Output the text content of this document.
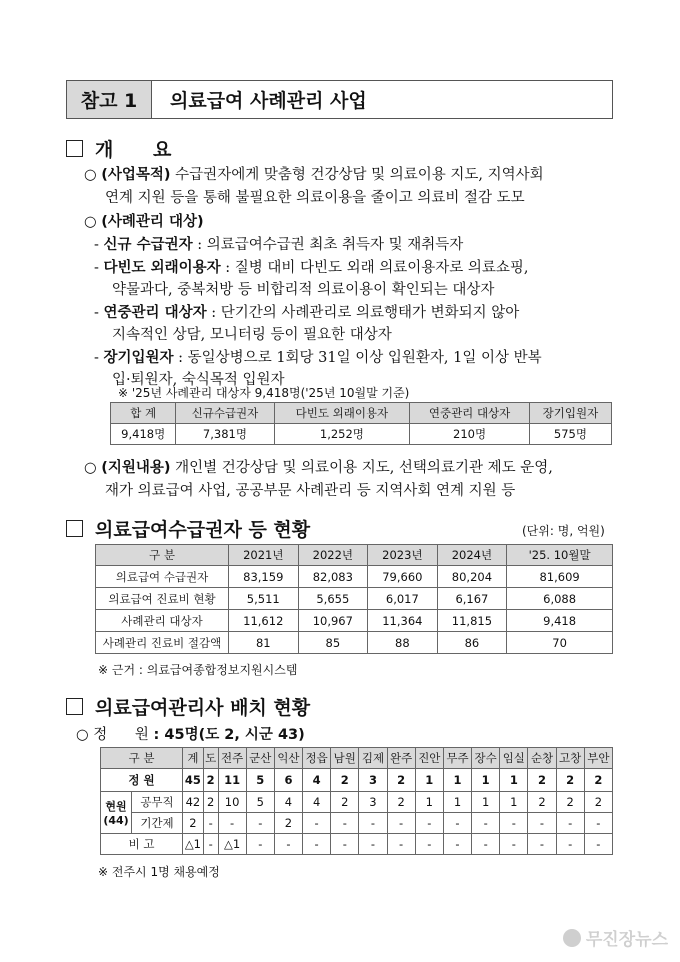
참고 1	의료급여 사례관리 사업
개      요
○ (사업목적) 수급권자에게 맞춤형 건강상담 및 의료이용 지도, 지역사회
연계 지원 등을 통해 불필요한 의료이용을 줄이고 의료비 절감 도모
○ (사례관리 대상)
- 신규 수급권자 : 의료급여수급권 최초 취득자 및 재취득자
- 다빈도 외래이용자 : 질병 대비 다빈도 외래 의료이용자로 의료쇼핑,
약물과다, 중복처방 등 비합리적 의료이용이 확인되는 대상자
- 연중관리 대상자 : 단기간의 사례관리로 의료행태가 변화되지 않아
지속적인 상담, 모니터링 등이 필요한 대상자
- 장기입원자 : 동일상병으로 1회당 31일 이상 입원환자, 1일 이상 반복
입·퇴원자, 숙식목적 입원자
※ '25년 사례관리 대상자 9,418명('25년 10월말 기준)
합 계	신규수급권자	다빈도 외래이용자	연중관리 대상자	장기입원자
9,418명	7,381명	1,252명	210명	575명
○ (지원내용) 개인별 건강상담 및 의료이용 지도, 선택의료기관 제도 운영,
재가 의료급여 사업, 공공부문 사례관리 등 지역사회 연계 지원 등
의료급여수급권자 등 현황	(단위: 명, 억원)
구 분	2021년	2022년	2023년	2024년	'25. 10월말
의료급여 수급권자	83,159	82,083	79,660	80,204	81,609
의료급여 진료비 현황	5,511	5,655	6,017	6,167	6,088
사례관리 대상자	11,612	10,967	11,364	11,815	9,418
사례관리 진료비 절감액	81	85	88	86	70
※ 근거 : 의료급여종합정보지원시스템
의료급여관리사 배치 현황
○ 정      원 : 45명(도 2, 시군 43)
구 분		계	도	전주	군산	익산	정읍	남원	김제	완주	진안	무주	장수	임실	순창	고창	부안
정 원		45	2	11	5	6	4	2	3	2	1	1	1	1	2	2	2
현원 (44)	공무직	42	2	10	5	4	4	2	3	2	1	1	1	1	2	2	2
	기간제	2	-	-	-	2	-	-	-	-	-	-	-	-	-	-	-
비 고		△1	-	△1	-	-	-	-	-	-	-	-	-	-	-	-	-
※ 전주시 1명 채용예정
무진장뉴스
